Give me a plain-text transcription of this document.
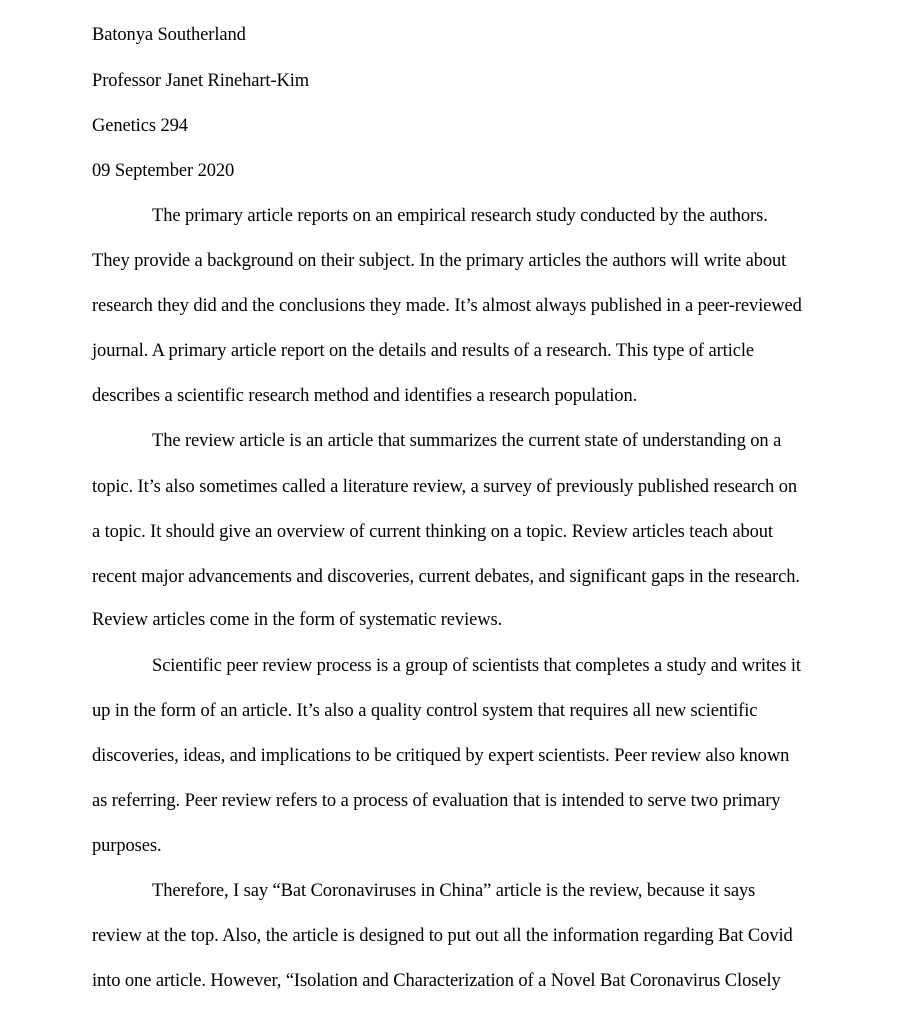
Batonya Southerland
Professor Janet Rinehart-Kim
Genetics 294
09 September 2020
The primary article reports on an empirical research study conducted by the authors.
They provide a background on their subject. In the primary articles the authors will write about
research they did and the conclusions they made. It’s almost always published in a peer-reviewed
journal. A primary article report on the details and results of a research. This type of article
describes a scientific research method and identifies a research population.
The review article is an article that summarizes the current state of understanding on a
topic. It’s also sometimes called a literature review, a survey of previously published research on
a topic. It should give an overview of current thinking on a topic. Review articles teach about
recent major advancements and discoveries, current debates, and significant gaps in the research.
Review articles come in the form of systematic reviews.
Scientific peer review process is a group of scientists that completes a study and writes it
up in the form of an article. It’s also a quality control system that requires all new scientific
discoveries, ideas, and implications to be critiqued by expert scientists. Peer review also known
as referring. Peer review refers to a process of evaluation that is intended to serve two primary
purposes.
Therefore, I say “Bat Coronaviruses in China” article is the review, because it says
review at the top. Also, the article is designed to put out all the information regarding Bat Covid
into one article. However, “Isolation and Characterization of a Novel Bat Coronavirus Closely
